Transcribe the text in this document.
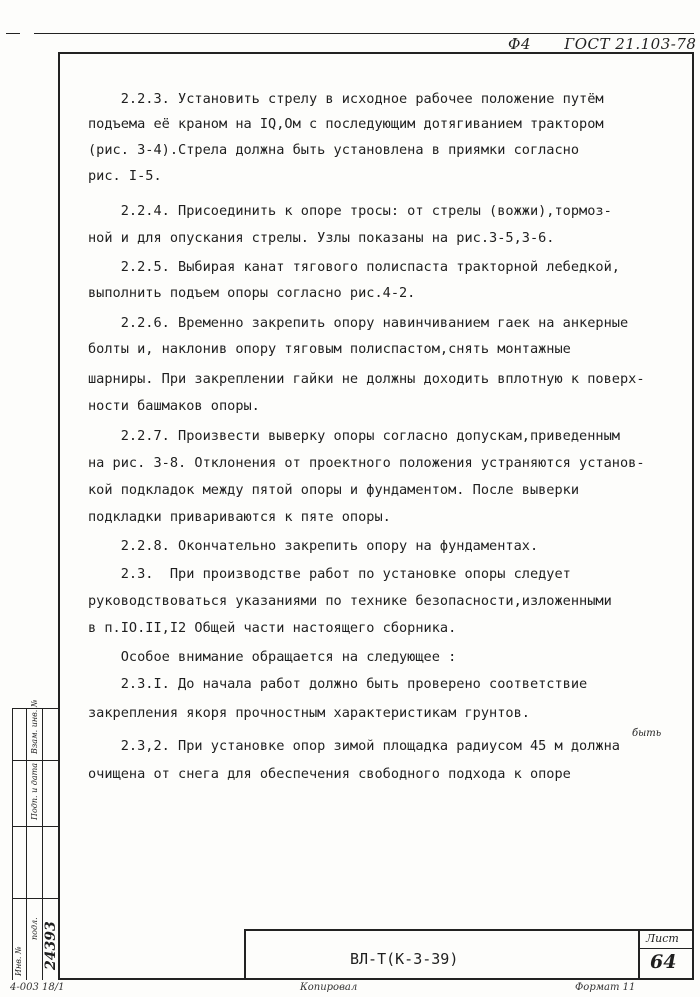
Ф4 ГОСТ 21.103-78
2.2.3. Установить стрелу в исходное рабочее положение путём
подъема её краном на IQ,Oм с последующим дотягиванием трактором
(рис. 3-4).Стрела должна быть установлена в приямки согласно
рис. I-5.
2.2.4. Присоединить к опоре тросы: от стрелы (вожжи),тормоз-
ной и для опускания стрелы. Узлы показаны на рис.3-5,3-6.
2.2.5. Выбирая канат тягового полиспаста тракторной лебедкой,
выполнить подъем опоры согласно рис.4-2.
2.2.6. Временно закрепить опору навинчиванием гаек на анкерные
болты и, наклонив опору тяговым полиспастом,снять монтажные
шарниры. При закреплении гайки не должны доходить вплотную к поверх-
ности башмаков опоры.
2.2.7. Произвести выверку опоры согласно допускам,приведенным
на рис. 3-8. Отклонения от проектного положения устраняются установ-
кой подкладок между пятой опоры и фундаментом. После выверки
подкладки привариваются к пяте опоры.
2.2.8. Окончательно закрепить опору на фундаментах.
2.3.  При производстве работ по установке опоры следует
руководствоваться указаниями по технике безопасности,изложенными
в п.IO.II,I2 Общей части настоящего сборника.
Особое внимание обращается на следующее :
2.3.I. До начала работ должно быть проверено соответствие
закрепления якоря прочностным характеристикам грунтов.
2.3,2. При установке опор зимой площадка радиусом 45 м должна
очищена от снега для обеспечения свободного подхода к опоре
быть
ВЛ-Т(К-3-39)
Лист
64
Взам. инв. №
Подп. и дата
подл.
Инв. № 24393
4-003 18/1	Копировал	Формат 11
